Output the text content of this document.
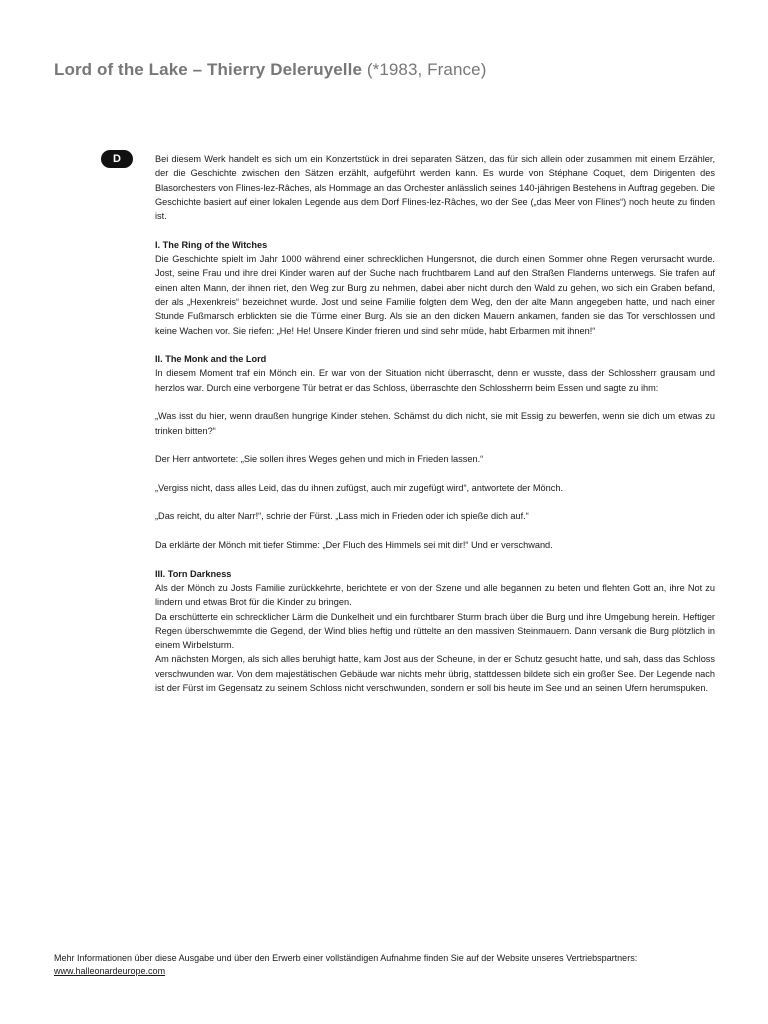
Lord of the Lake – Thierry Deleruyelle (*1983, France)
D	Bei diesem Werk handelt es sich um ein Konzertstück in drei separaten Sätzen, das für sich allein oder zusammen mit einem Erzähler, der die Geschichte zwischen den Sätzen erzählt, aufgeführt werden kann. Es wurde von Stéphane Coquet, dem Dirigenten des Blasorchesters von Flines-lez-Râches, als Hommage an das Orchester anlässlich seines 140-jährigen Bestehens in Auftrag gegeben. Die Geschichte basiert auf einer lokalen Legende aus dem Dorf Flines-lez-Râches, wo der See („das Meer von Flines“) noch heute zu finden ist.

I. The Ring of the Witches

Die Geschichte spielt im Jahr 1000 während einer schrecklichen Hungersnot, die durch einen Sommer ohne Regen verursacht wurde. Jost, seine Frau und ihre drei Kinder waren auf der Suche nach fruchtbarem Land auf den Straßen Flanderns unterwegs. Sie trafen auf einen alten Mann, der ihnen riet, den Weg zur Burg zu nehmen, dabei aber nicht durch den Wald zu gehen, wo sich ein Graben befand, der als „Hexenkreis“ bezeichnet wurde. Jost und seine Familie folgten dem Weg, den der alte Mann angegeben hatte, und nach einer Stunde Fußmarsch erblickten sie die Türme einer Burg. Als sie an den dicken Mauern ankamen, fanden sie das Tor verschlossen und keine Wachen vor. Sie riefen: „He! He! Unsere Kinder frieren und sind sehr müde, habt Erbarmen mit ihnen!“

II. The Monk and the Lord

In diesem Moment traf ein Mönch ein. Er war von der Situation nicht überrascht, denn er wusste, dass der Schlossherr grausam und herzlos war. Durch eine verborgene Tür betrat er das Schloss, überraschte den Schlossherrn beim Essen und sagte zu ihm:

„Was isst du hier, wenn draußen hungrige Kinder stehen. Schämst du dich nicht, sie mit Essig zu bewerfen, wenn sie dich um etwas zu trinken bitten?“

Der Herr antwortete: „Sie sollen ihres Weges gehen und mich in Frieden lassen.“

„Vergiss nicht, dass alles Leid, das du ihnen zufügst, auch mir zugefügt wird“, antwortete der Mönch.

„Das reicht, du alter Narr!“, schrie der Fürst. „Lass mich in Frieden oder ich spieße dich auf.“

Da erklärte der Mönch mit tiefer Stimme: „Der Fluch des Himmels sei mit dir!“ Und er verschwand.

III. Torn Darkness

Als der Mönch zu Josts Familie zurückkehrte, berichtete er von der Szene und alle begannen zu beten und flehten Gott an, ihre Not zu lindern und etwas Brot für die Kinder zu bringen.

Da erschütterte ein schrecklicher Lärm die Dunkelheit und ein furchtbarer Sturm brach über die Burg und ihre Umgebung herein. Heftiger Regen überschwemmte die Gegend, der Wind blies heftig und rüttelte an den massiven Steinmauern. Dann versank die Burg plötzlich in einem Wirbelsturm.

Am nächsten Morgen, als sich alles beruhigt hatte, kam Jost aus der Scheune, in der er Schutz gesucht hatte, und sah, dass das Schloss verschwunden war. Von dem majestätischen Gebäude war nichts mehr übrig, stattdessen bildete sich ein großer See. Der Legende nach ist der Fürst im Gegensatz zu seinem Schloss nicht verschwunden, sondern er soll bis heute im See und an seinen Ufern herumspuken.

Mehr Informationen über diese Ausgabe und über den Erwerb einer vollständigen Aufnahme finden Sie auf der Website unseres Vertriebspartners:
www.halleonardeurope.com
